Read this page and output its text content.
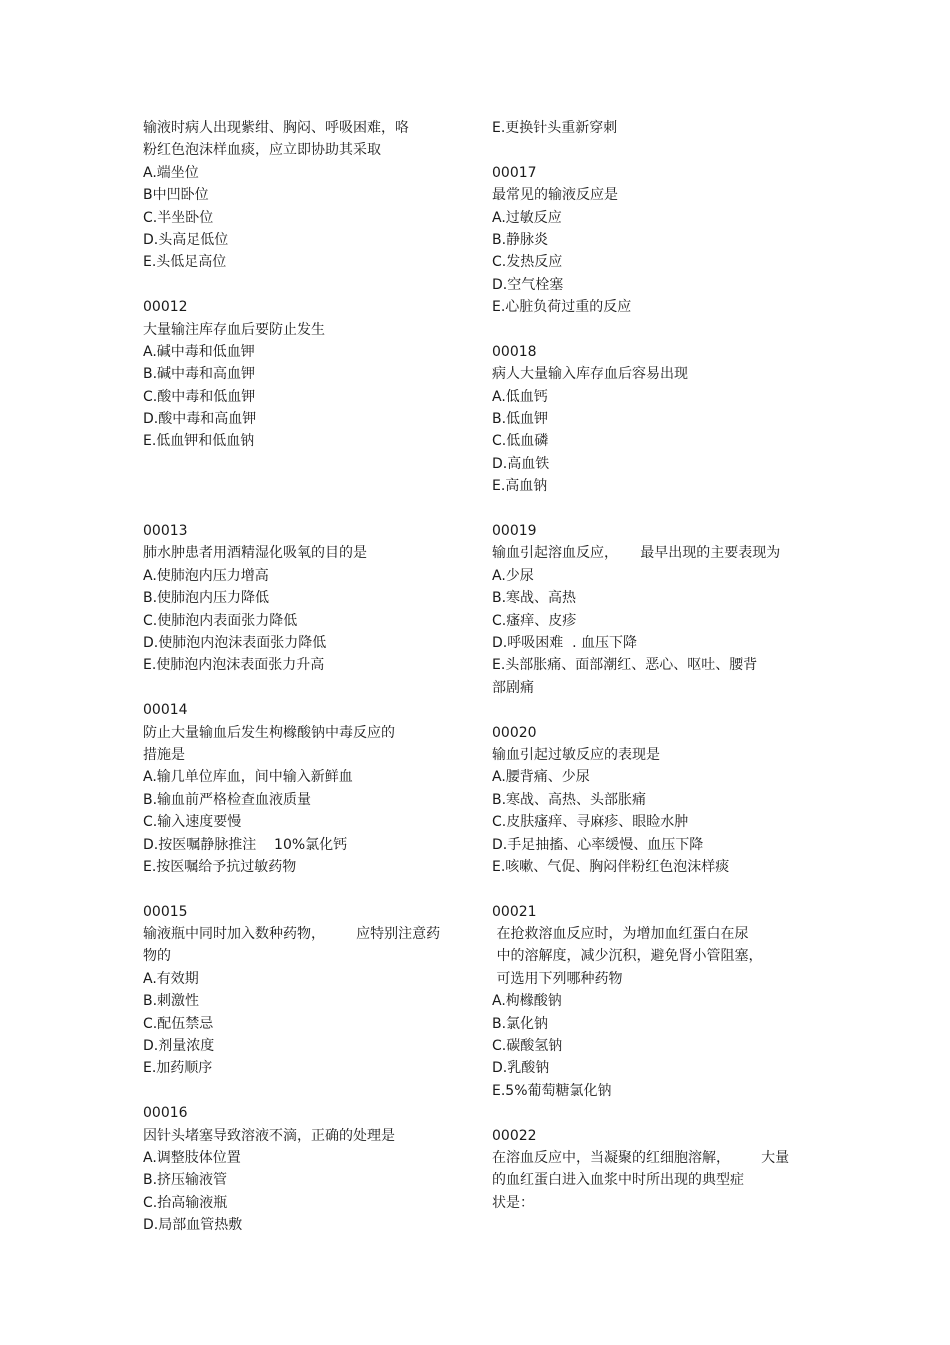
输液时病人出现紫绀、胸闷、呼吸困难，咯
粉红色泡沫样血痰，应立即协助其采取
A.端坐位
B中凹卧位
C.半坐卧位
D.头高足低位
E.头低足高位
00012
大量输注库存血后要防止发生
A.碱中毒和低血钾
B.碱中毒和高血钾
C.酸中毒和低血钾
D.酸中毒和高血钾
E.低血钾和低血钠
00013
肺水肿患者用酒精湿化吸氧的目的是
A.使肺泡内压力增高
B.使肺泡内压力降低
C.使肺泡内表面张力降低
D.使肺泡内泡沫表面张力降低
E.使肺泡内泡沫表面张力升高
00014
防止大量输血后发生枸橼酸钠中毒反应的
措施是
A.输几单位库血，间中输入新鲜血
B.输血前严格检查血液质量
C.输入速度要慢
D.按医嘱静脉推注    10%氯化钙
E.按医嘱给予抗过敏药物
00015
输液瓶中同时加入数种药物，       应特别注意药
物的
A.有效期
B.刺激性
C.配伍禁忌
D.剂量浓度
E.加药顺序
00016
因针头堵塞导致溶液不滴，正确的处理是
A.调整肢体位置
B.挤压输液管
C.抬高输液瓶
D.局部血管热敷
E.更换针头重新穿刺
00017
最常见的输液反应是
A.过敏反应
B.静脉炎
C.发热反应
D.空气栓塞
E.心脏负荷过重的反应
00018
病人大量输入库存血后容易出现
A.低血钙
B.低血钾
C.低血磷
D.高血铁
E.高血钠
00019
输血引起溶血反应，     最早出现的主要表现为
A.少尿
B.寒战、高热
C.瘙痒、皮疹
D.呼吸困难  . 血压下降
E.头部胀痛、面部潮红、恶心、呕吐、腰背
部剧痛
00020
输血引起过敏反应的表现是
A.腰背痛、少尿
B.寒战、高热、头部胀痛
C.皮肤瘙痒、寻麻疹、眼睑水肿
D.手足抽搐、心率缓慢、血压下降
E.咳嗽、气促、胸闷伴粉红色泡沫样痰
00021
在抢救溶血反应时，为增加血红蛋白在尿
中的溶解度，减少沉积，避免肾小管阻塞，
可选用下列哪种药物
A.枸橼酸钠
B.氯化钠
C.碳酸氢钠
D.乳酸钠
E.5%葡萄糖氯化钠
00022
在溶血反应中，当凝聚的红细胞溶解，       大量
的血红蛋白进入血浆中时所出现的典型症
状是：
